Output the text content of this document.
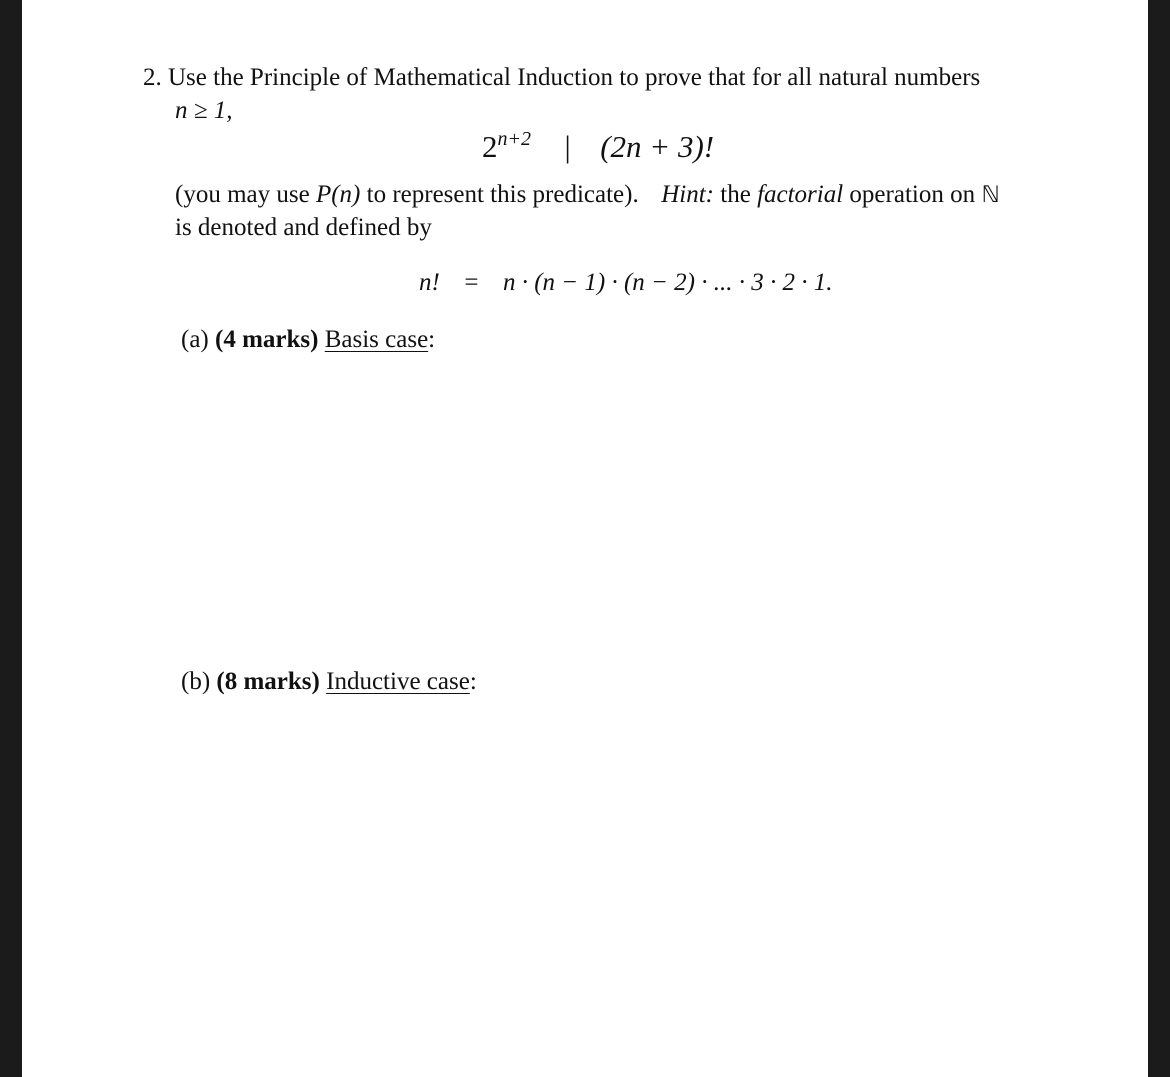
2. Use the Principle of Mathematical Induction to prove that for all natural numbers
n ≥ 1,
$2^{n+2}$ | (2n + 3)!
(you may use P(n) to represent this predicate). Hint: the factorial operation on ℕ
is denoted and defined by
n! = n · (n − 1) · (n − 2) · ... · 3 · 2 · 1.
(a) (4 marks) Basis case:
(b) (8 marks) Inductive case:
